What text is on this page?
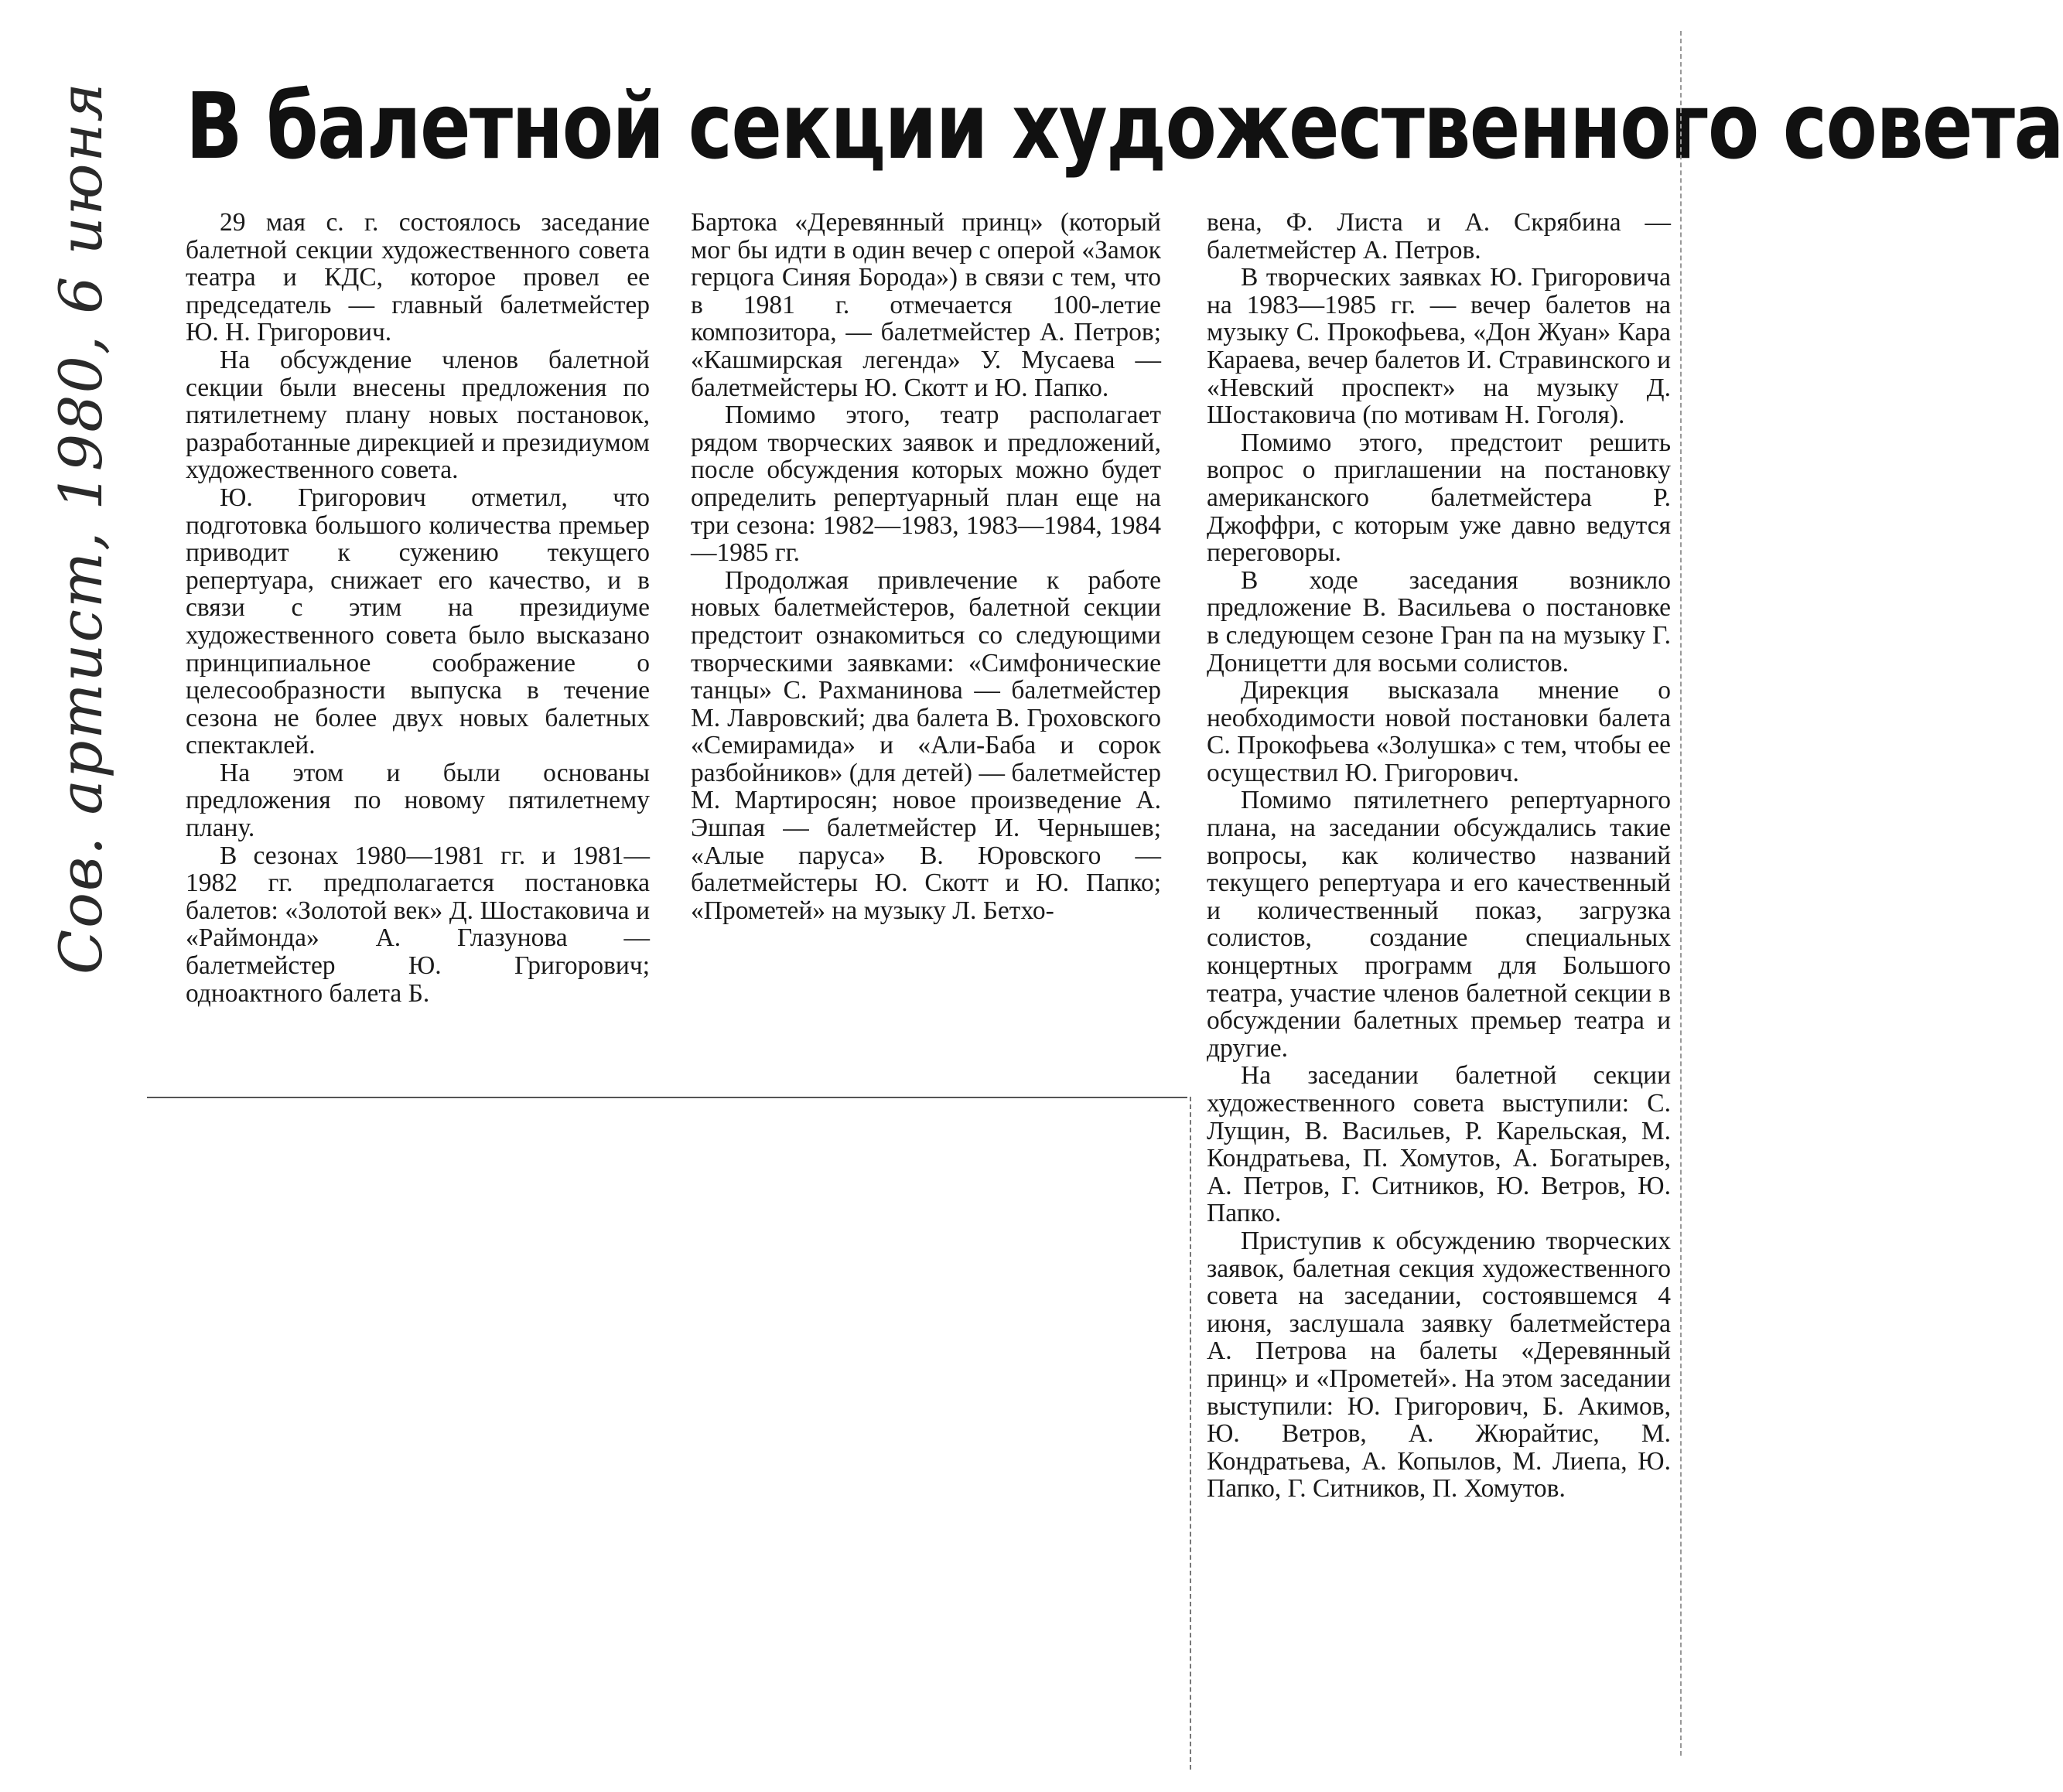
Сов. артист, 1980, 6 июня В балетной секции художественного совета

29 мая с. г. состоялось заседание балетной секции художественного совета театра и КДС, которое провел ее председатель — главный балетмейстер Ю. Н. Григорович.

На обсуждение членов балетной секции были внесены предложения по пятилетнему плану новых постановок, разработанные дирекцией и президиумом художественного совета.

Ю. Григорович отметил, что подготовка большого количества премьер приводит к сужению текущего репертуара, снижает его качество, и в связи с этим на президиуме художественного совета было высказано принципиальное соображение о целесообразности выпуска в течение сезона не более двух новых балетных спектаклей.

На этом и были основаны предложения по новому пятилетнему плану.

В сезонах 1980—1981 гг. и 1981—1982 гг. предполагается постановка балетов: «Золотой век» Д. Шостаковича и «Раймонда» А. Глазунова — балетмейстер Ю. Григорович; одноактного балета Б.

Бартока «Деревянный принц» (который мог бы идти в один вечер с оперой «Замок герцога Синяя Борода») в связи с тем, что в 1981 г. отмечается 100-летие композитора, — балетмейстер А. Петров; «Кашмирская легенда» У. Мусаева — балетмейстеры Ю. Скотт и Ю. Папко.

Помимо этого, театр располагает рядом творческих заявок и предложений, после обсуждения которых можно будет определить репертуарный план еще на три сезона: 1982—1983, 1983—1984, 1984—1985 гг.

Продолжая привлечение к работе новых балетмейстеров, балетной секции предстоит ознакомиться со следующими творческими заявками: «Симфонические танцы» С. Рахманинова — балетмейстер М. Лавровский; два балета В. Гроховского «Семирамида» и «Али-Баба и сорок разбойников» (для детей) — балетмейстер М. Мартиросян; новое произведение А. Эшпая — балетмейстер И. Чернышев; «Алые паруса» В. Юровского — балетмейстеры Ю. Скотт и Ю. Папко; «Прометей» на музыку Л. Бетхо-

вена, Ф. Листа и А. Скрябина — балетмейстер А. Петров.

В творческих заявках Ю. Григоровича на 1983—1985 гг. — вечер балетов на музыку С. Прокофьева, «Дон Жуан» Кара Караева, вечер балетов И. Стравинского и «Невский проспект» на музыку Д. Шостаковича (по мотивам Н. Гоголя).

Помимо этого, предстоит решить вопрос о приглашении на постановку американского балетмейстера Р. Джоффри, с которым уже давно ведутся переговоры.

В ходе заседания возникло предложение В. Васильева о постановке в следующем сезоне Гран па на музыку Г. Доницетти для восьми солистов.

Дирекция высказала мнение о необходимости новой постановки балета С. Прокофьева «Золушка» с тем, чтобы ее осуществил Ю. Григорович.

Помимо пятилетнего репертуарного плана, на заседании обсуждались такие вопросы, как количество названий текущего репертуара и его качественный и количественный показ, загрузка солистов, создание специальных концертных программ для Большого театра, участие членов балетной секции в обсуждении балетных премьер театра и другие.

На заседании балетной секции художественного совета выступили: С. Лущин, В. Васильев, Р. Карельская, М. Кондратьева, П. Хомутов, А. Богатырев, А. Петров, Г. Ситников, Ю. Ветров, Ю. Папко.

Приступив к обсуждению творческих заявок, балетная секция художественного совета на заседании, состоявшемся 4 июня, заслушала заявку балетмейстера А. Петрова на балеты «Деревянный принц» и «Прометей». На этом заседании выступили: Ю. Григорович, Б. Акимов, Ю. Ветров, А. Жюрайтис, М. Кондратьева, А. Копылов, М. Лиепа, Ю. Папко, Г. Ситников, П. Хомутов.
